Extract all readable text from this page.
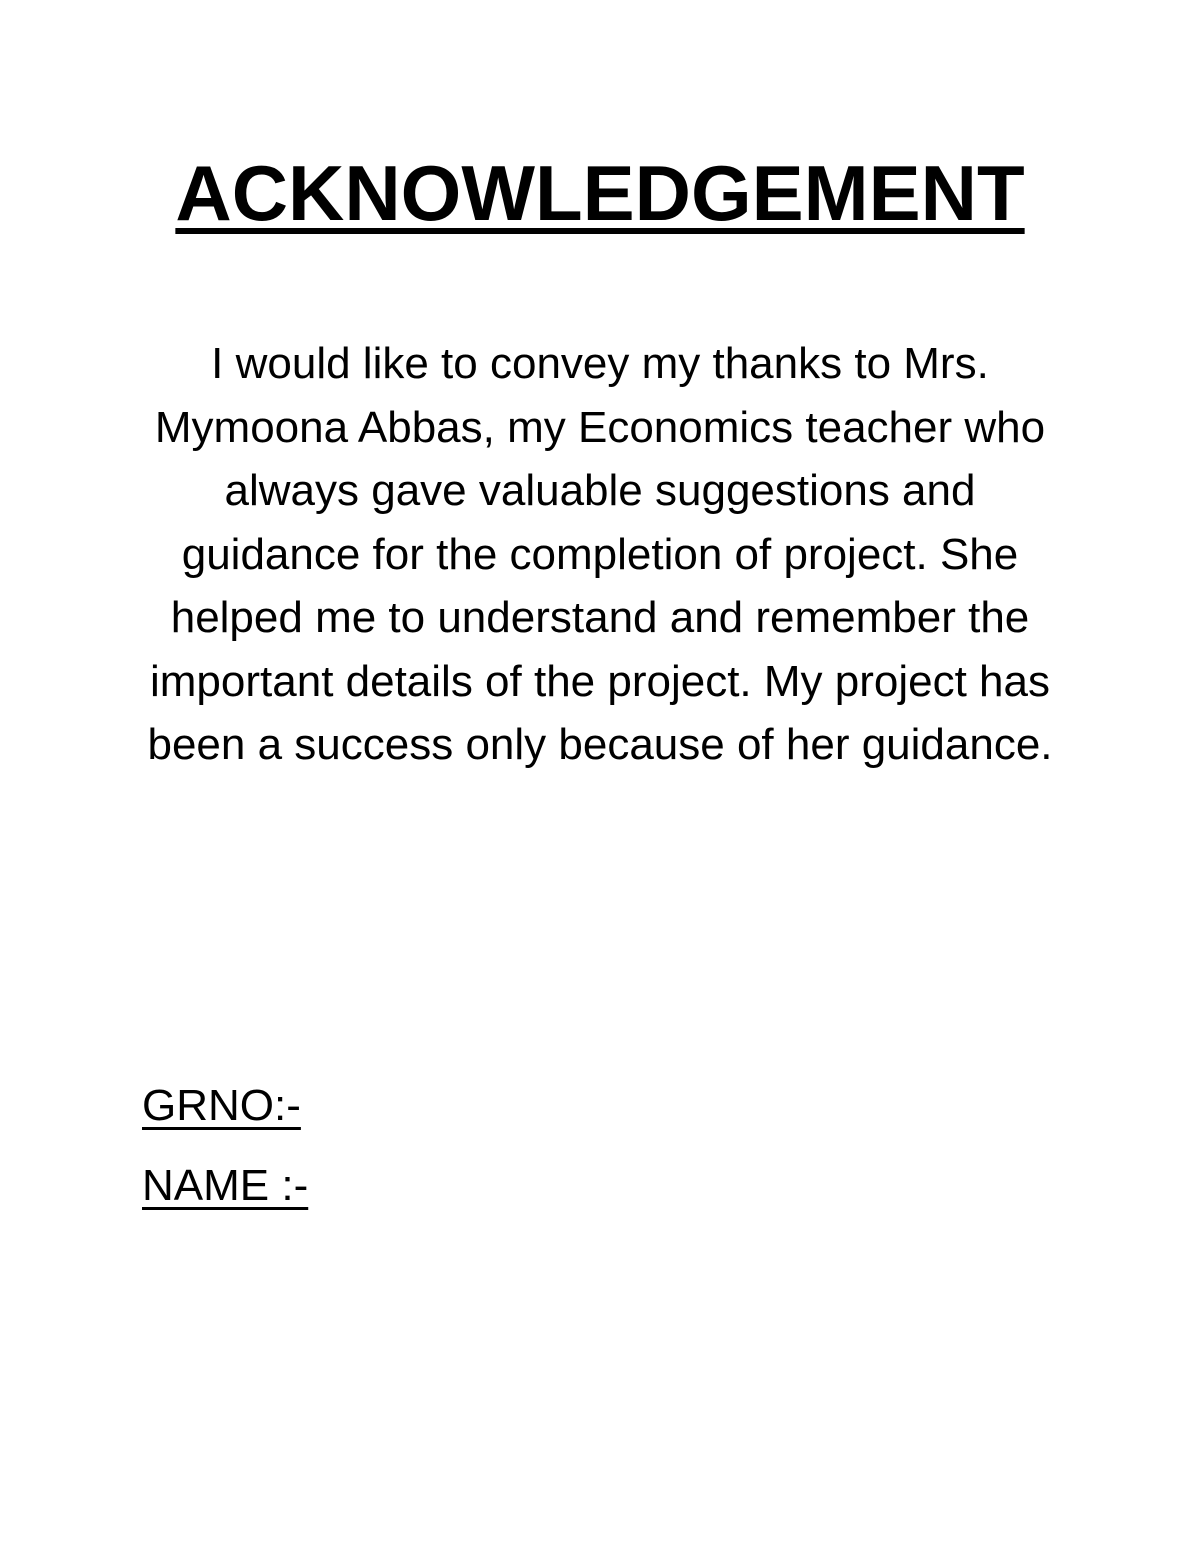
ACKNOWLEDGEMENT

I would like to convey my thanks to Mrs. Mymoona Abbas, my Economics teacher who always gave valuable suggestions and guidance for the completion of project. She helped me to understand and remember the important details of the project. My project has been a success only because of her guidance.

GRNO:-

NAME :-
